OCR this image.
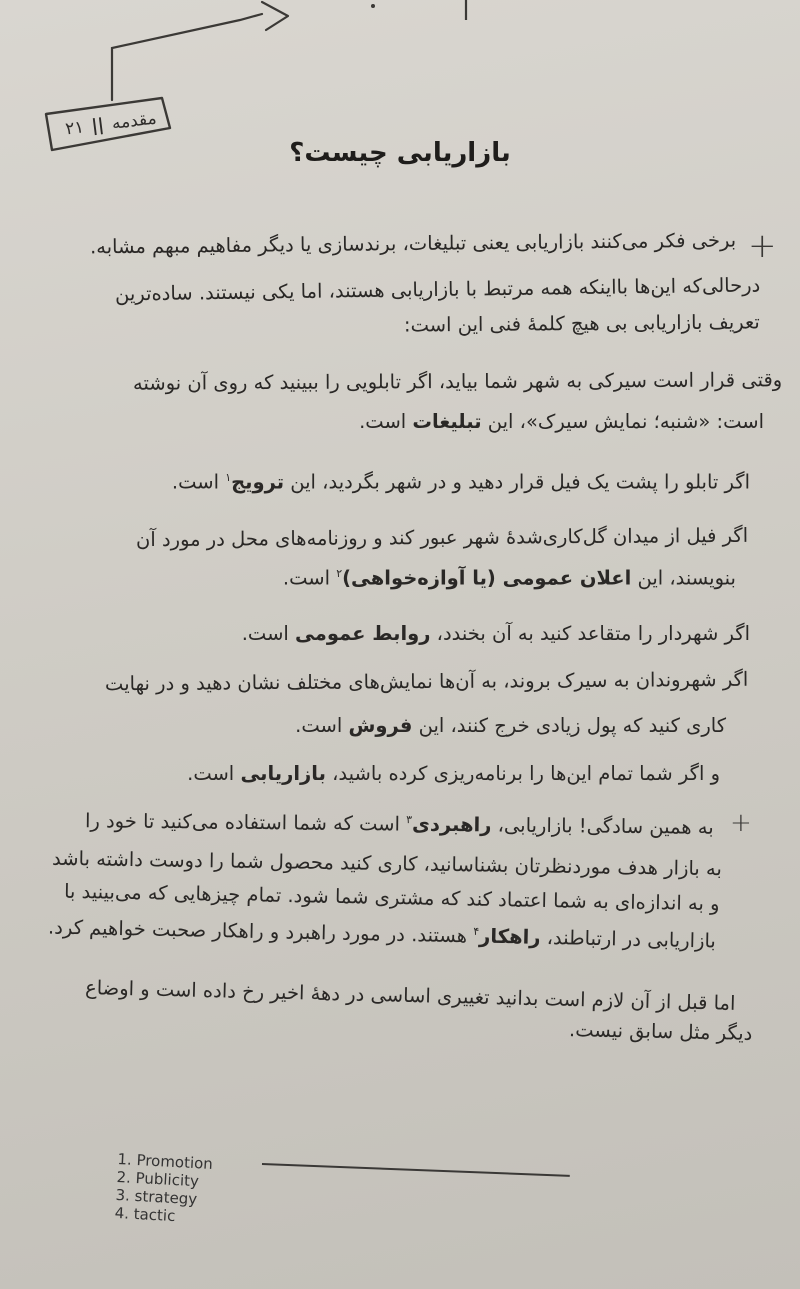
مقدمه
||
۲۱
بازاریابی چیست؟
+
+
برخی فکر می‌کنند بازاریابی یعنی تبلیغات، برندسازی یا دیگر مفاهیم مبهم مشابه.
درحالی‌که این‌ها بااینکه همه مرتبط با بازاریابی هستند، اما یکی نیستند. ساده‌ترین
تعریف بازاریابی بی هیچ کلمهٔ فنی این است:
وقتی قرار است سیرکی به شهر شما بیاید، اگر تابلویی را ببینید که روی آن نوشته
است: «شنبه؛ نمایش سیرک»، این تبلیغات است.
اگر تابلو را پشت یک فیل قرار دهید و در شهر بگردید، این ترویج$^۱$ است.
اگر فیل از میدان گل‌کاری‌شدهٔ شهر عبور کند و روزنامه‌های محل در مورد آن
بنویسند، این اعلان عمومی (یا آوازه‌خواهی)$^۲$ است.
اگر شهردار را متقاعد کنید به آن بخندد، روابط عمومی است.
اگر شهروندان به سیرک بروند، به آن‌ها نمایش‌های مختلف نشان دهید و در نهایت
کاری کنید که پول زیادی خرج کنند، این فروش است.
و اگر شما تمام این‌ها را برنامه‌ریزی کرده باشید، بازاریابی است.
به همین سادگی! بازاریابی، راهبردی$^۳$ است که شما استفاده می‌کنید تا خود را
به بازار هدف موردنظرتان بشناسانید، کاری کنید محصول شما را دوست داشته باشد
و به اندازه‌ای به شما اعتماد کند که مشتری شما شود. تمام چیزهایی که می‌بینید با
بازاریابی در ارتباطند، راهکار$^۴$ هستند. در مورد راهبرد و راهکار صحبت خواهیم کرد.
اما قبل از آن لازم است بدانید تغییری اساسی در دههٔ اخیر رخ داده است و اوضاع
دیگر مثل سابق نیست.
1. Promotion
2. Publicity
3. strategy
4. tactic
